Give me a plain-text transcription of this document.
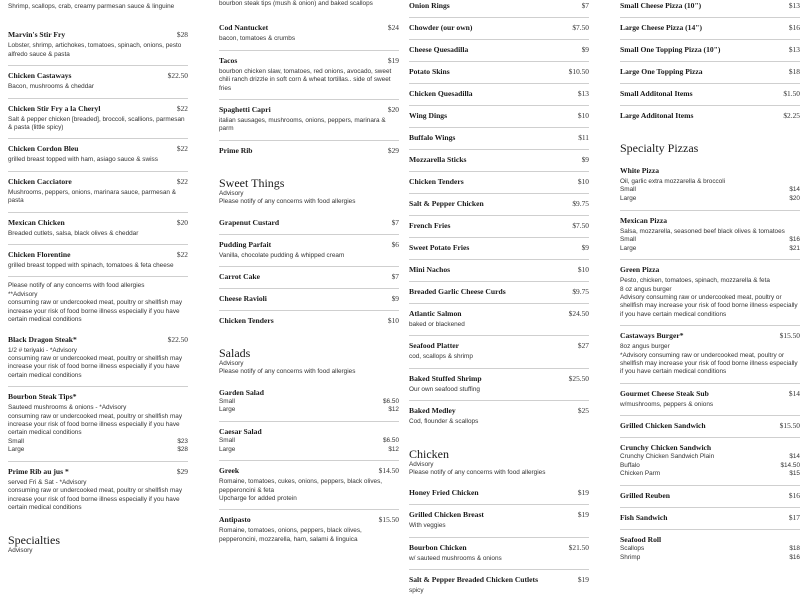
Shrimp, scallops, crab, creamy parmesan sauce & linguine
Marvin's Stir Fry	$28
Lobster, shrimp, artichokes, tomatoes, spinach, onions, pesto alfredo sauce & pasta
Chicken Castaways	$22.50
Bacon, mushrooms & cheddar
Chicken Stir Fry a la Cheryl	$22
Salt & pepper chicken [breaded], broccoli, scallions, parmesan & pasta (little spicy)
Chicken Cordon Bleu	$22
grilled breast topped with ham, asiago sauce & swiss
Chicken Cacciatore	$22
Mushrooms, peppers, onions, marinara sauce, parmesan & pasta
Mexican Chicken	$20
Breaded cutlets, salsa, black olives & cheddar
Chicken Florentine	$22
grilled breast topped with spinach, tomatoes & feta cheese
Please notify of any concerns with food allergies
**Advisory
consuming raw or undercooked meat, poultry or shellfish may increase your risk of food borne illness especially if you have certain medical conditions
Black Dragon Steak*	$22.50
1/2 # teriyaki - *Advisory
consuming raw or undercooked meat, poultry or shellfish may increase your risk of food borne illness especially if you have certain medical conditions
Bourbon Steak Tips*
Sauteed mushrooms & onions - *Advisory
consuming raw or undercooked meat, poultry or shellfish may increase your risk of food borne illness especially if you have certain medical conditions
Small	$23
Large	$28
Prime Rib au jus *	$29
served Fri & Sat - *Advisory
consuming raw or undercooked meat, poultry or shellfish may increase your risk of food borne illness especially if you have certain medical conditions
Specialties
Advisory
bourbon steak tips (mush & onion) and baked scallops
Cod Nantucket	$24
bacon, tomatoes & crumbs
Tacos	$19
bourbon chicken slaw, tomatoes, red onions, avocado, sweet chili ranch drizzle in soft corn & wheat tortillas.. side of sweet fries
Spaghetti Capri	$20
italian sausages, mushrooms, onions, peppers, marinara & parm
Prime Rib	$29
Sweet Things
Advisory
Please notify of any concerns with food allergies
Grapenut Custard	$7
Pudding Parfait	$6
Vanilla, chocolate pudding & whipped cream
Carrot Cake	$7
Cheese Ravioli	$9
Chicken Tenders	$10
Salads
Advisory
Please notify of any concerns with food allergies
Garden Salad
Small	$6.50
Large	$12
Caesar Salad
Small	$6.50
Large	$12
Greek	$14.50
Romaine, tomatoes, cukes, onions, peppers, black olives, pepperoncini & feta
Upcharge for added protein
Antipasto	$15.50
Romaine, tomatoes, onions, peppers, black olives, pepperoncini, mozzarella, ham, salami & linguica
Onion Rings	$7
Chowder (our own)	$7.50
Cheese Quesadilla	$9
Potato Skins	$10.50
Chicken Quesadilla	$13
Wing Dings	$10
Buffalo Wings	$11
Mozzarella Sticks	$9
Chicken Tenders	$10
Salt & Pepper Chicken	$9.75
French Fries	$7.50
Sweet Potato Fries	$9
Mini Nachos	$10
Breaded Garlic Cheese Curds	$9.75
Atlantic Salmon	$24.50
baked or blackened
Seafood Platter	$27
cod, scallops & shrimp
Baked Stuffed Shrimp	$25.50
Our own seafood stuffing
Baked Medley	$25
Cod, flounder & scallops
Chicken
Advisory
Please notify of any concerns with food allergies
Honey Fried Chicken	$19
Grilled Chicken Breast	$19
With veggies
Bourbon Chicken	$21.50
w/ sauteed mushrooms & onions
Salt & Pepper Breaded Chicken Cutlets	$19
spicy
Small Cheese Pizza (10")	$13
Large Cheese Pizza (14")	$16
Small One Topping Pizza (10")	$13
Large One Topping Pizza	$18
Small Additonal Items	$1.50
Large Additonal Items	$2.25
Specialty Pizzas
White Pizza
Oil, garlic extra mozzarella & broccoli
Small	$14
Large	$20
Mexican Pizza
Salsa, mozzarella, seasoned beef black olives & tomatoes
Small	$16
Large	$21
Green Pizza
Pesto, chicken, tomatoes, spinach, mozzarella & feta
8 oz angus burger
Advisory consuming raw or undercooked meat, poultry or shellfish may increase your risk of food borne illness especially if you have certain medical conditions
Castaways Burger*	$15.50
8oz angus burger
*Advisory consuming raw or undercooked meat, poultry or shellfish may increase your risk of food borne illness especially if you have certain medical conditions
Gourmet Cheese Steak Sub	$14
w/mushrooms, peppers & onions
Grilled Chicken Sandwich	$15.50
Crunchy Chicken Sandwich
Crunchy Chicken Sandwich Plain	$14
Buffalo	$14.50
Chicken Parm	$15
Grilled Reuben	$16
Fish Sandwich	$17
Seafood Roll
Scallops	$18
Shrimp	$16
